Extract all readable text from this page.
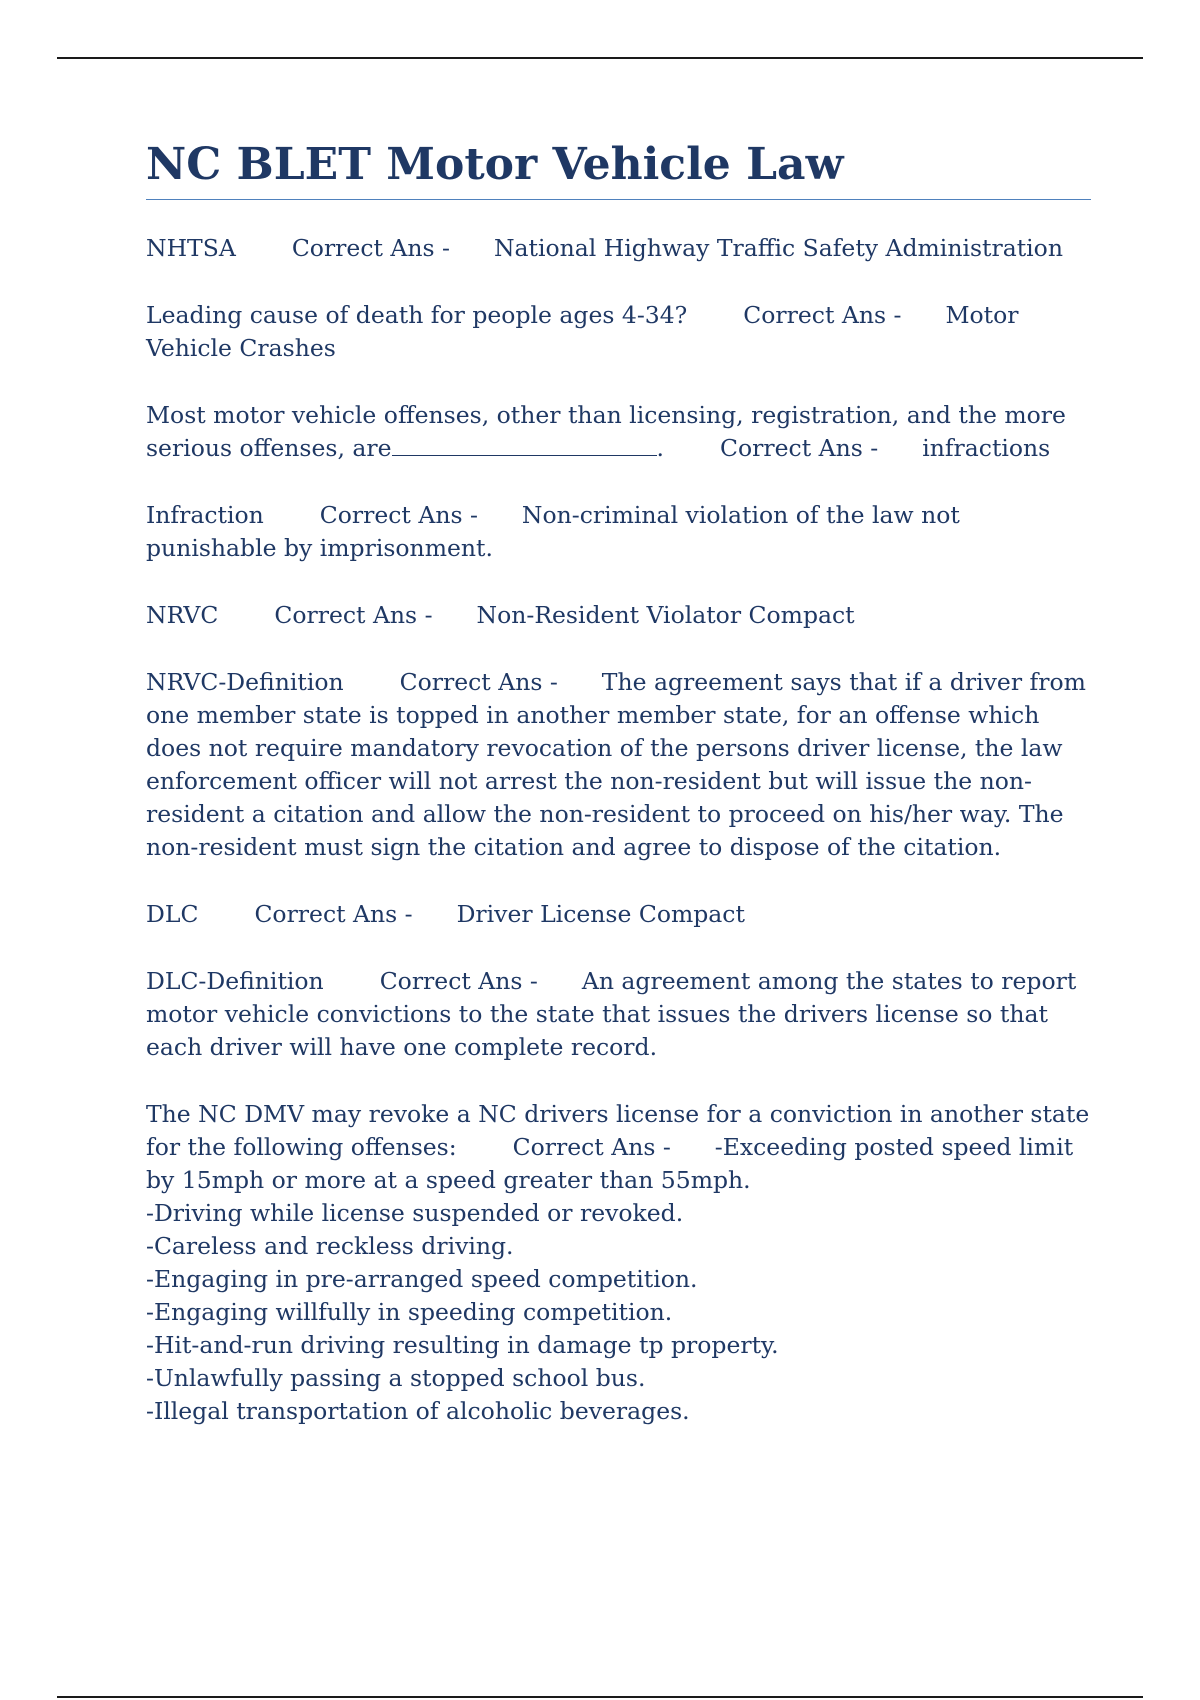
NC BLET Motor Vehicle Law

NHTSA Correct Ans - National Highway Traffic Safety Administration

Leading cause of death for people ages 4-34? Correct Ans - Motor Vehicle Crashes

Most motor vehicle offenses, other than licensing, registration, and the more serious offenses, are	. Correct Ans - infractions

Infraction Correct Ans - Non-criminal violation of the law not punishable by imprisonment.

NRVC Correct Ans - Non-Resident Violator Compact

NRVC-Definition Correct Ans - The agreement says that if a driver from one member state is topped in another member state, for an offense which does not require mandatory revocation of the persons driver license, the law enforcement officer will not arrest the non-resident but will issue the non-resident a citation and allow the non-resident to proceed on his/her way. The non-resident must sign the citation and agree to dispose of the citation.

DLC Correct Ans - Driver License Compact

DLC-Definition Correct Ans - An agreement among the states to report motor vehicle convictions to the state that issues the drivers license so that each driver will have one complete record.

The NC DMV may revoke a NC drivers license for a conviction in another state for the following offenses: Correct Ans - -Exceeding posted speed limit by 15mph or more at a speed greater than 55mph.
-Driving while license suspended or revoked.
-Careless and reckless driving.
-Engaging in pre-arranged speed competition.
-Engaging willfully in speeding competition.
-Hit-and-run driving resulting in damage tp property.
-Unlawfully passing a stopped school bus.
-Illegal transportation of alcoholic beverages.
